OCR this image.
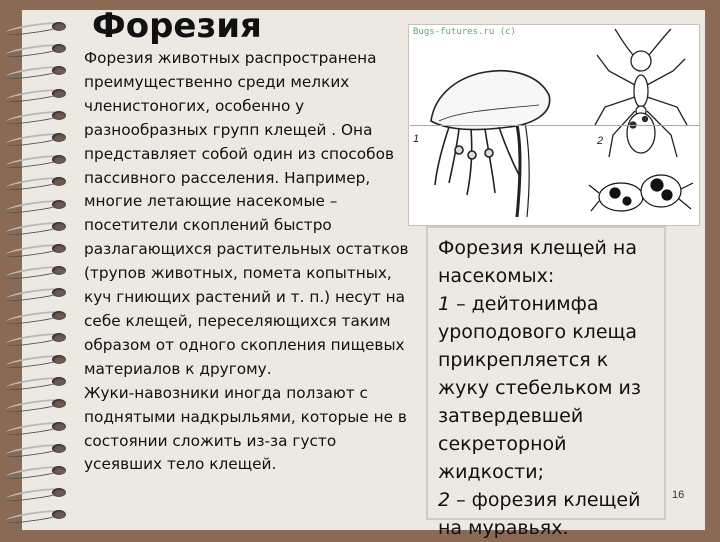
Форезия

Форезия животных распространена преимущественно среди мелких членистоногих, особенно у разнообразных групп клещей . Она представляет собой один из способов пассивного расселения. Например, многие летающие насекомые – посетители скоплений быстро разлагающихся растительных остатков (трупов животных, помета копытных, куч гниющих растений и т. п.) несут на себе клещей, переселяющихся таким образом от одного скопления пищевых материалов к другому.

Жуки-навозники иногда ползают с поднятыми надкрыльями, которые не в состоянии сложить из-за густо усеявших тело клещей.

Bugs-futures.ru (c)
1	2

Форезия клещей на насекомых:

1 – дейтонимфа уроподового клеща прикрепляется к жуку стебельком из затвердевшей секреторной жидкости;

2 – форезия клещей на муравьях.

16
